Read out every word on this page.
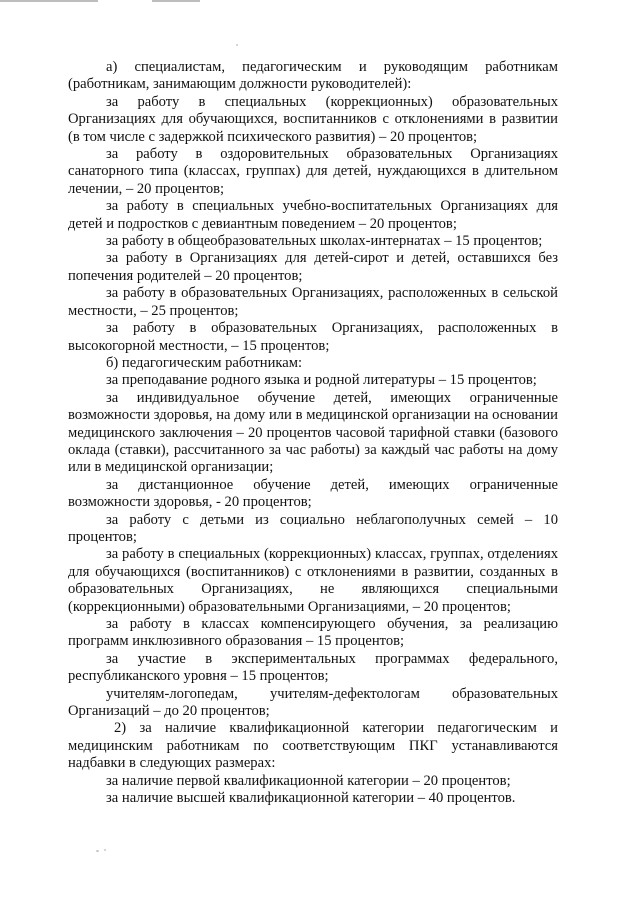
а) специалистам, педагогическим и руководящим работникам (работникам, занимающим должности руководителей):

за работу в специальных (коррекционных) образовательных Организациях для обучающихся, воспитанников с отклонениями в развитии (в том числе с задержкой психического развития) – 20 процентов;

за работу в оздоровительных образовательных Организациях санаторного типа (классах, группах) для детей, нуждающихся в длительном лечении, – 20 процентов;

за работу в специальных учебно-воспитательных Организациях для детей и подростков с девиантным поведением – 20 процентов;

за работу в общеобразовательных школах-интернатах – 15 процентов;

за работу в Организациях для детей-сирот и детей, оставшихся без попечения родителей – 20 процентов;

за работу в образовательных Организациях, расположенных в сельской местности, – 25 процентов;

за работу в образовательных Организациях, расположенных в высокогорной местности, – 15 процентов;

б) педагогическим работникам:

за преподавание родного языка и родной литературы – 15 процентов;

за индивидуальное обучение детей, имеющих ограниченные возможности здоровья, на дому или в медицинской организации на основании медицинского заключения – 20 процентов часовой тарифной ставки (базового оклада (ставки), рассчитанного за час работы) за каждый час работы на дому или в медицинской организации;

за дистанционное обучение детей, имеющих ограниченные возможности здоровья, - 20 процентов;

за работу с детьми из социально неблагополучных семей – 10 процентов;

за работу в специальных (коррекционных) классах, группах, отделениях для обучающихся (воспитанников) с отклонениями в развитии, созданных в образовательных Организациях, не являющихся специальными (коррекционными) образовательными Организациями, – 20 процентов;

за работу в классах компенсирующего обучения, за реализацию программ инклюзивного образования – 15 процентов;

за участие в экспериментальных программах федерального, республиканского уровня – 15 процентов;

учителям-логопедам, учителям-дефектологам образовательных Организаций – до 20 процентов;

2) за наличие квалификационной категории педагогическим и медицинским работникам по соответствующим ПКГ устанавливаются надбавки в следующих размерах:

за наличие первой квалификационной категории – 20 процентов;

за наличие высшей квалификационной категории – 40 процентов.
